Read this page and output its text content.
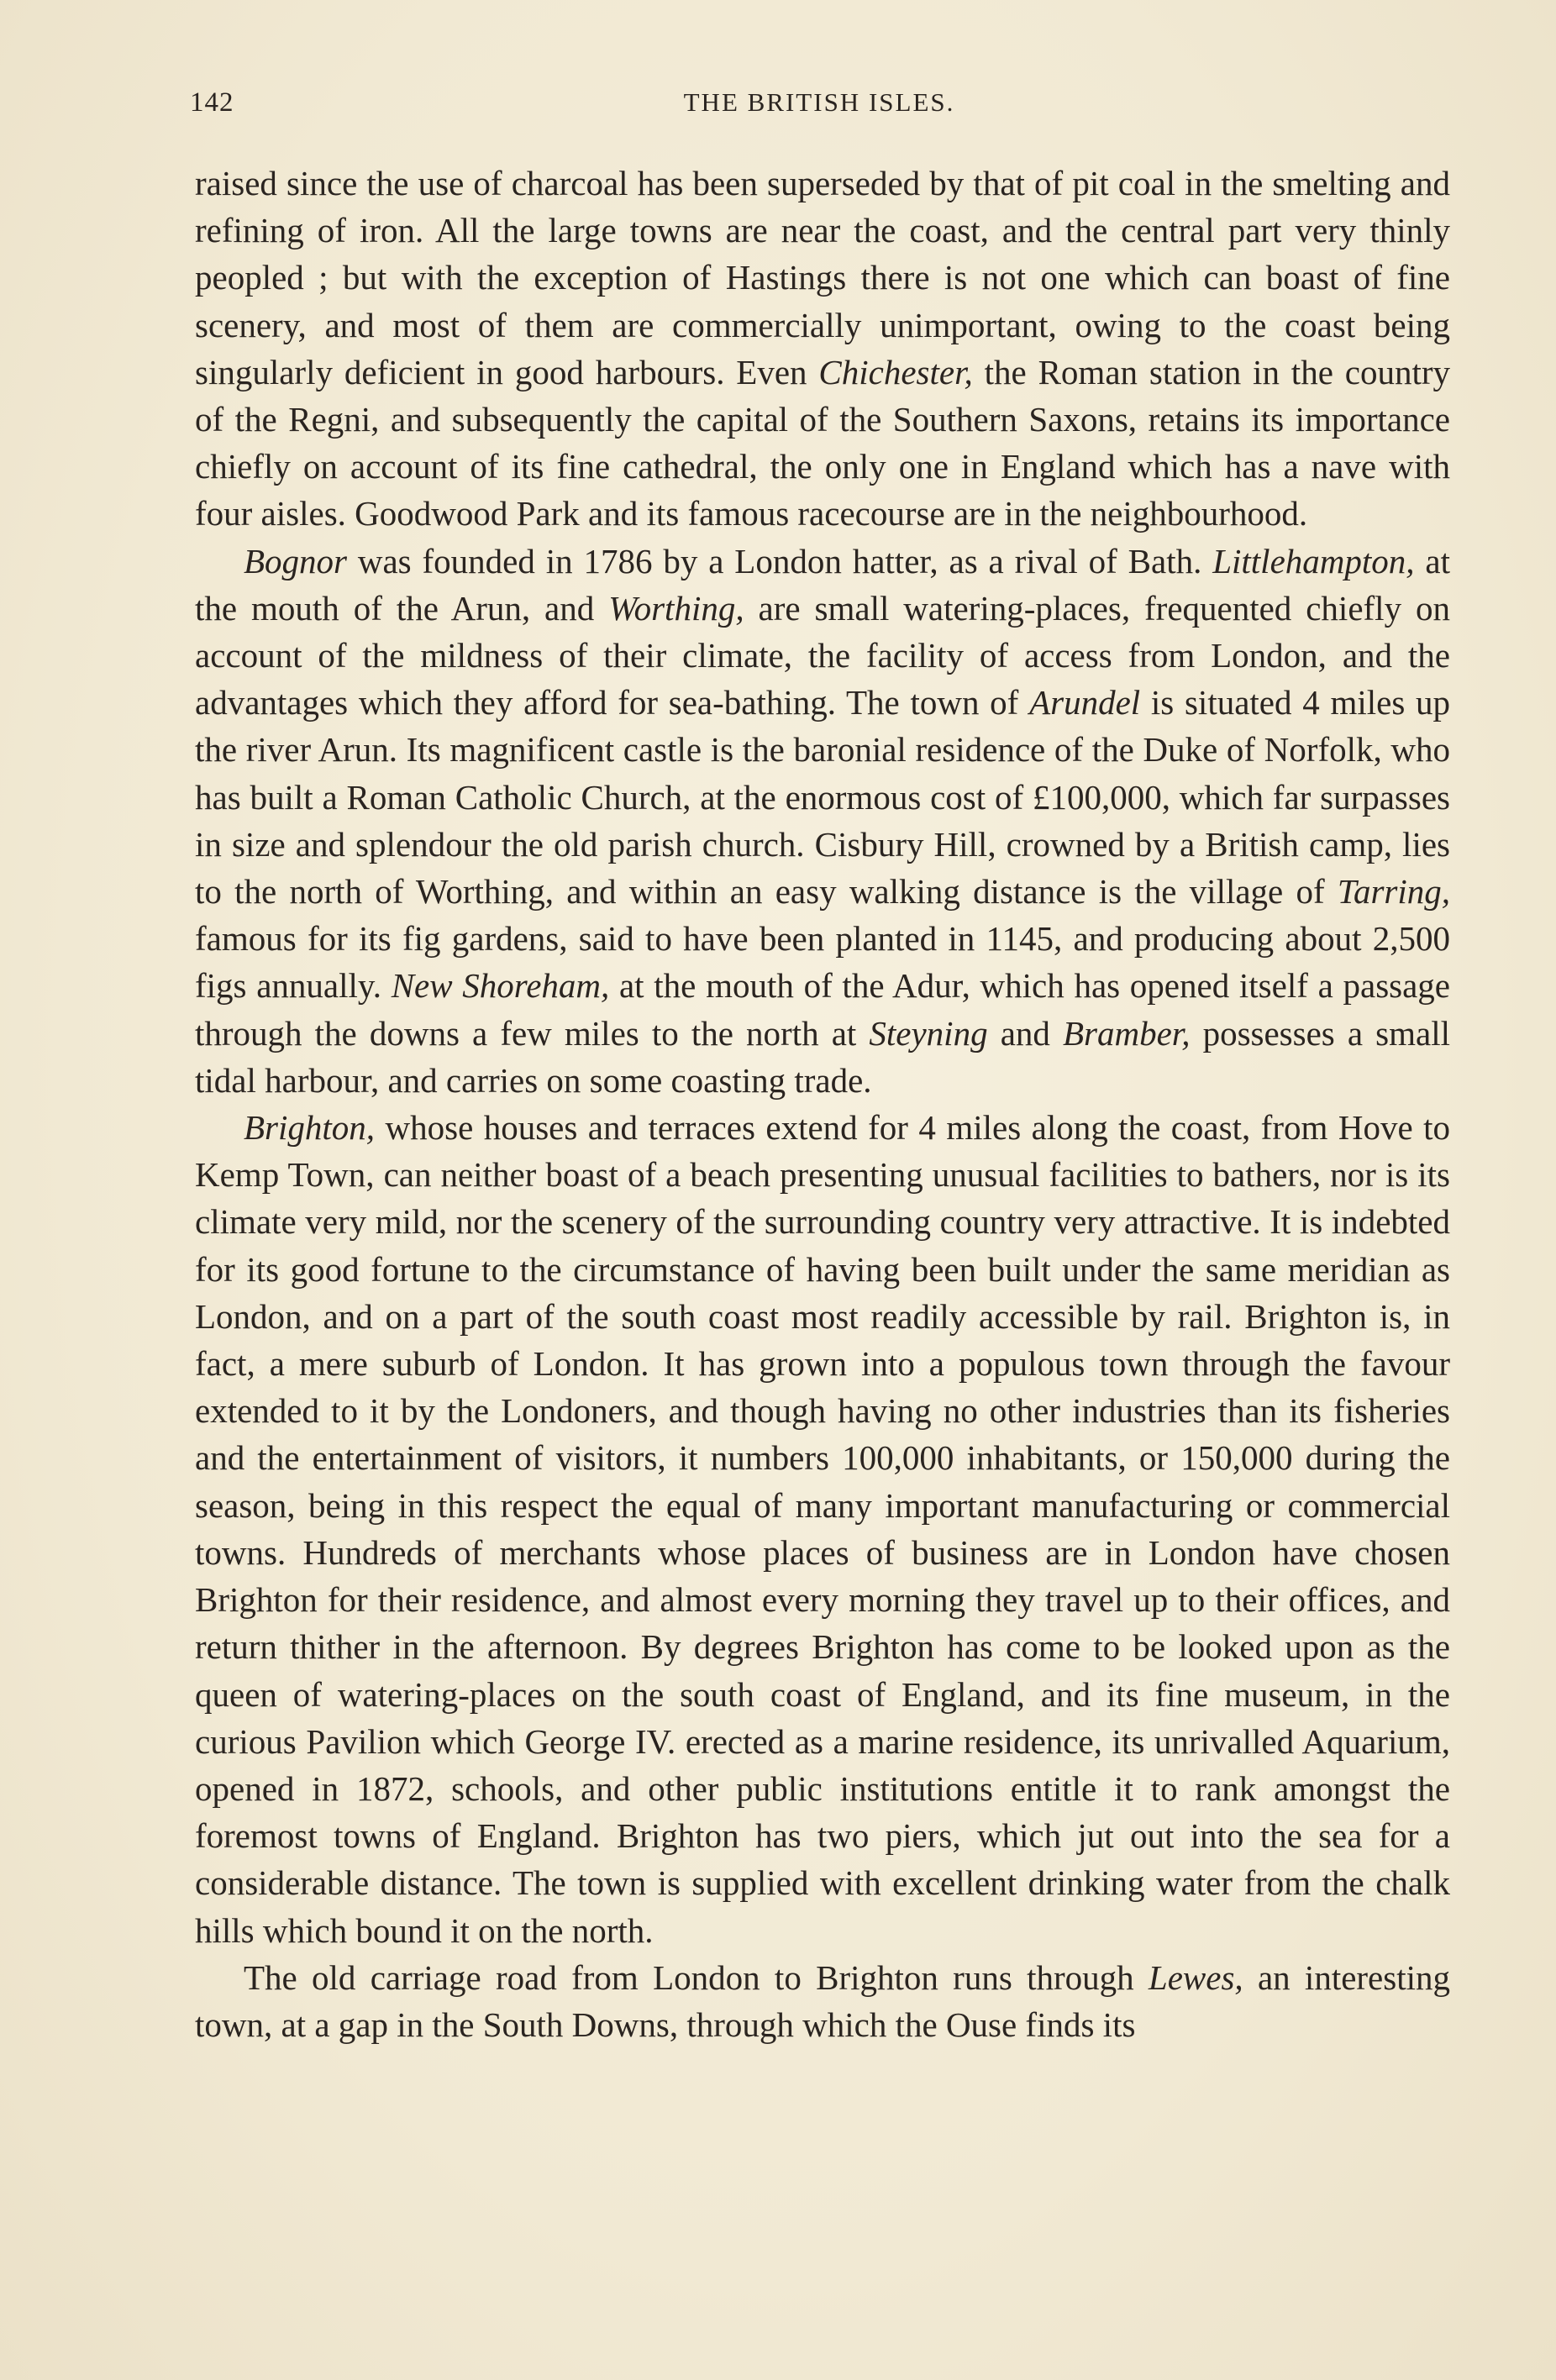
142	THE BRITISH ISLES.

raised since the use of charcoal has been superseded by that of pit coal in the smelting and refining of iron. All the large towns are near the coast, and the central part very thinly peopled ; but with the exception of Hastings there is not one which can boast of fine scenery, and most of them are commercially unimportant, owing to the coast being singularly deficient in good harbours. Even Chichester, the Roman station in the country of the Regni, and subsequently the capital of the Southern Saxons, retains its importance chiefly on account of its fine cathedral, the only one in England which has a nave with four aisles. Goodwood Park and its famous racecourse are in the neighbourhood.

Bognor was founded in 1786 by a London hatter, as a rival of Bath. Littlehampton, at the mouth of the Arun, and Worthing, are small watering-places, frequented chiefly on account of the mildness of their climate, the facility of access from London, and the advantages which they afford for sea-bathing. The town of Arundel is situated 4 miles up the river Arun. Its magnificent castle is the baronial residence of the Duke of Norfolk, who has built a Roman Catholic Church, at the enormous cost of £100,000, which far surpasses in size and splendour the old parish church. Cisbury Hill, crowned by a British camp, lies to the north of Worthing, and within an easy walking distance is the village of Tarring, famous for its fig gardens, said to have been planted in 1145, and producing about 2,500 figs annually. New Shoreham, at the mouth of the Adur, which has opened itself a passage through the downs a few miles to the north at Steyning and Bramber, possesses a small tidal harbour, and carries on some coasting trade.

Brighton, whose houses and terraces extend for 4 miles along the coast, from Hove to Kemp Town, can neither boast of a beach presenting unusual facilities to bathers, nor is its climate very mild, nor the scenery of the surrounding country very attractive. It is indebted for its good fortune to the circumstance of having been built under the same meridian as London, and on a part of the south coast most readily accessible by rail. Brighton is, in fact, a mere suburb of London. It has grown into a populous town through the favour extended to it by the Londoners, and though having no other industries than its fisheries and the entertainment of visitors, it numbers 100,000 inhabitants, or 150,000 during the season, being in this respect the equal of many important manufacturing or commercial towns. Hundreds of merchants whose places of business are in London have chosen Brighton for their residence, and almost every morning they travel up to their offices, and return thither in the afternoon. By degrees Brighton has come to be looked upon as the queen of watering-places on the south coast of England, and its fine museum, in the curious Pavilion which George IV. erected as a marine residence, its unrivalled Aquarium, opened in 1872, schools, and other public institutions entitle it to rank amongst the foremost towns of England. Brighton has two piers, which jut out into the sea for a considerable distance. The town is supplied with excellent drinking water from the chalk hills which bound it on the north.

The old carriage road from London to Brighton runs through Lewes, an interesting town, at a gap in the South Downs, through which the Ouse finds its
